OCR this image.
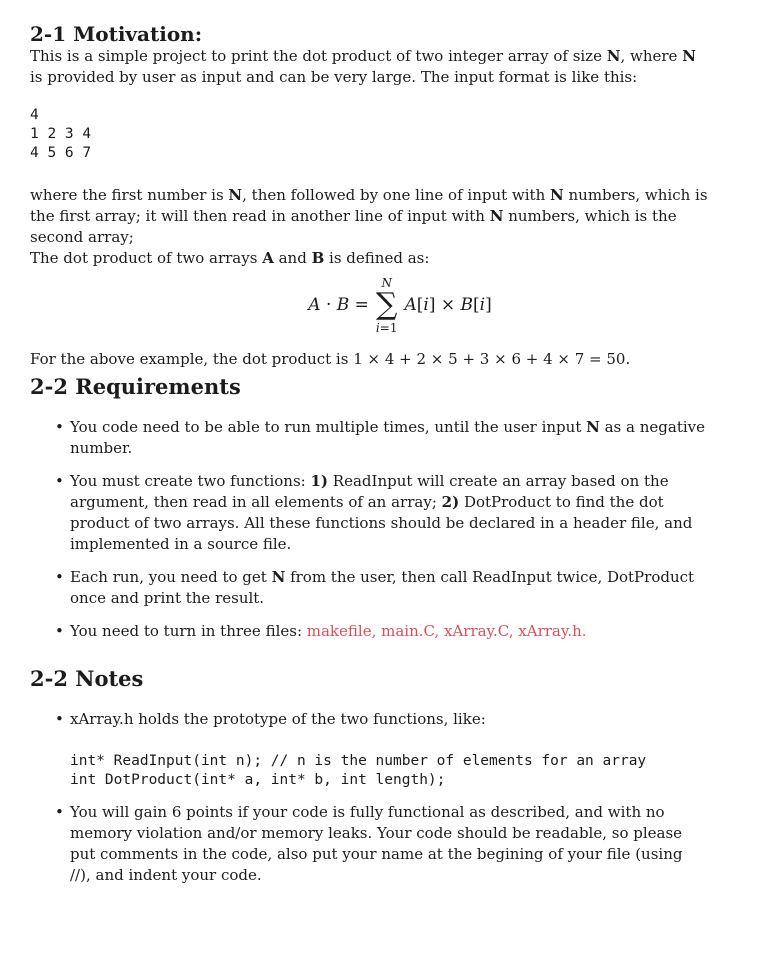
2-1 Motivation:

This is a simple project to print the dot product of two integer array of size N, where N
is provided by user as input and can be very large. The input format is like this:

4
1 2 3 4
4 5 6 7

where the first number is N, then followed by one line of input with N numbers, which is
the first array; it will then read in another line of input with N numbers, which is the
second array;
The dot product of two arrays A and B is defined as:

A · B =
N
∑
i=1
A[i] × B[i]

For the above example, the dot product is 1 × 4 + 2 × 5 + 3 × 6 + 4 × 7 = 50.

2-2 Requirements
• You code need to be able to run multiple times, until the user input N as a negative
number.
• You must create two functions: 1) ReadInput will create an array based on the
argument, then read in all elements of an array; 2) DotProduct to find the dot
product of two arrays. All these functions should be declared in a header file, and
implemented in a source file.
• Each run, you need to get N from the user, then call ReadInput twice, DotProduct
once and print the result.
• You need to turn in three files: makefile, main.C, xArray.C, xArray.h.
2-2 Notes
• xArray.h holds the prototype of the two functions, like:
int* ReadInput(int n); // n is the number of elements for an array
int DotProduct(int* a, int* b, int length);
• You will gain 6 points if your code is fully functional as described, and with no
memory violation and/or memory leaks. Your code should be readable, so please
put comments in the code, also put your name at the begining of your file (using
//), and indent your code.
